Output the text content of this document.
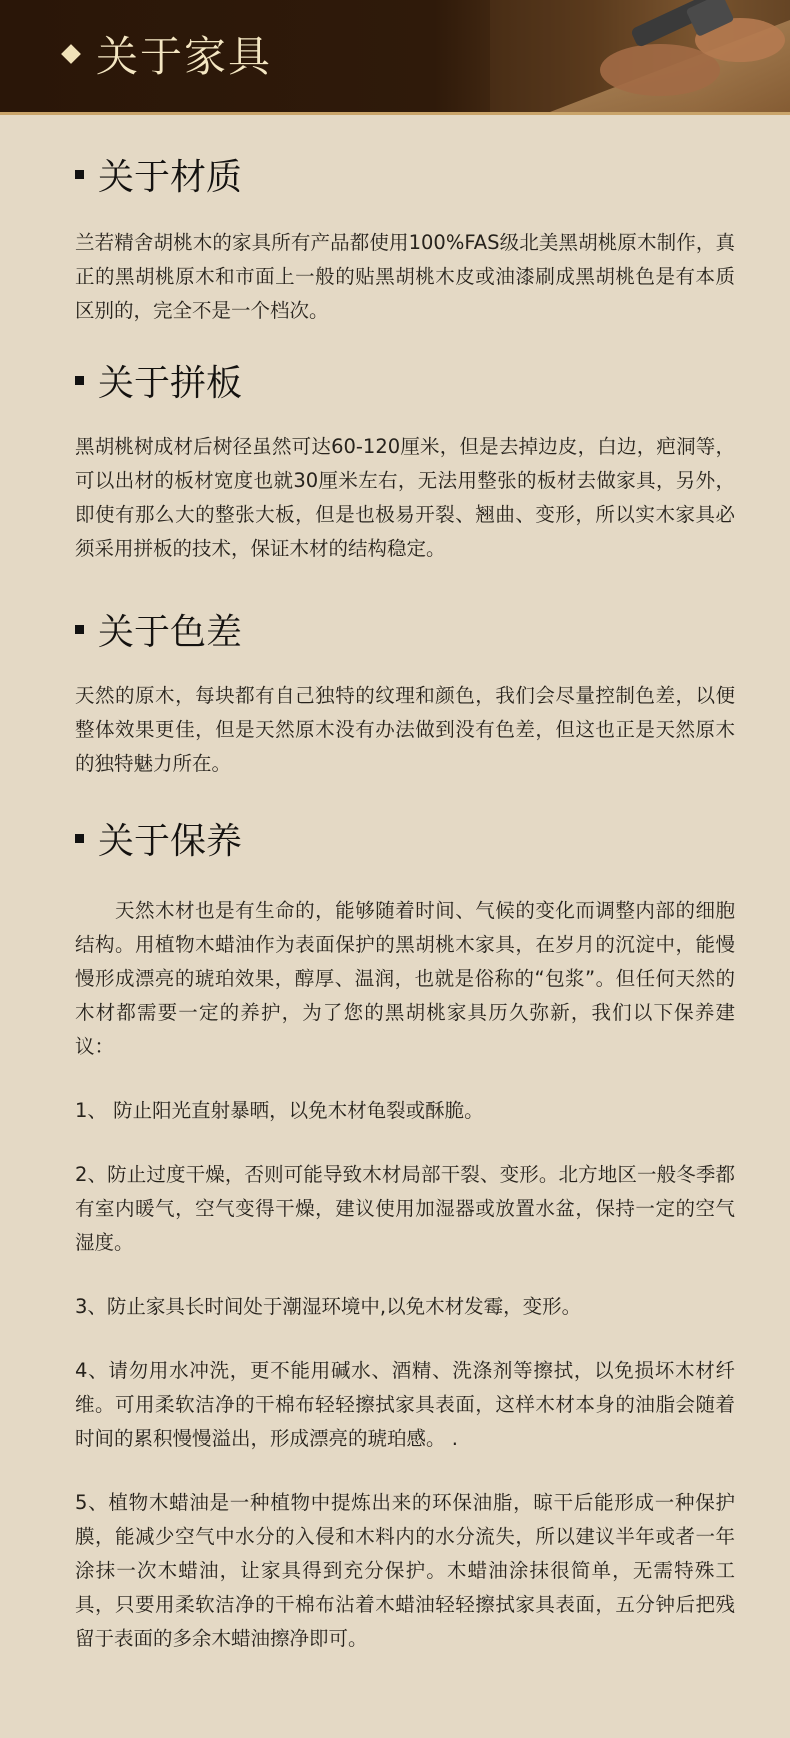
关于家具
关于材质

兰若精舍胡桃木的家具所有产品都使用100%FAS级北美黑胡桃原木制作，真正的黑胡桃原木和市面上一般的贴黑胡桃木皮或油漆刷成黑胡桃色是有本质区别的，完全不是一个档次。

关于拼板

黑胡桃树成材后树径虽然可达60-120厘米，但是去掉边皮，白边，疤洞等，可以出材的板材宽度也就30厘米左右，无法用整张的板材去做家具，另外，即使有那么大的整张大板，但是也极易开裂、翘曲、变形，所以实木家具必须采用拼板的技术，保证木材的结构稳定。

关于色差

天然的原木，每块都有自己独特的纹理和颜色，我们会尽量控制色差，以便整体效果更佳，但是天然原木没有办法做到没有色差，但这也正是天然原木的独特魅力所在。

关于保养

天然木材也是有生命的，能够随着时间、气候的变化而调整内部的细胞结构。用植物木蜡油作为表面保护的黑胡桃木家具，在岁月的沉淀中，能慢慢形成漂亮的琥珀效果，醇厚、温润，也就是俗称的“包浆”。但任何天然的木材都需要一定的养护，为了您的黑胡桃家具历久弥新，我们以下保养建议：

1、 防止阳光直射暴晒，以免木材龟裂或酥脆。

2、防止过度干燥，否则可能导致木材局部干裂、变形。北方地区一般冬季都有室内暖气，空气变得干燥，建议使用加湿器或放置水盆，保持一定的空气湿度。

3、防止家具长时间处于潮湿环境中,以免木材发霉，变形。

4、请勿用水冲洗，更不能用碱水、酒精、洗涤剂等擦拭，以免损坏木材纤维。可用柔软洁净的干棉布轻轻擦拭家具表面，这样木材本身的油脂会随着时间的累积慢慢溢出，形成漂亮的琥珀感。 .

5、植物木蜡油是一种植物中提炼出来的环保油脂，晾干后能形成一种保护膜，能减少空气中水分的入侵和木料内的水分流失，所以建议半年或者一年涂抹一次木蜡油，让家具得到充分保护。木蜡油涂抹很简单，无需特殊工具，只要用柔软洁净的干棉布沾着木蜡油轻轻擦拭家具表面，五分钟后把残留于表面的多余木蜡油擦净即可。
